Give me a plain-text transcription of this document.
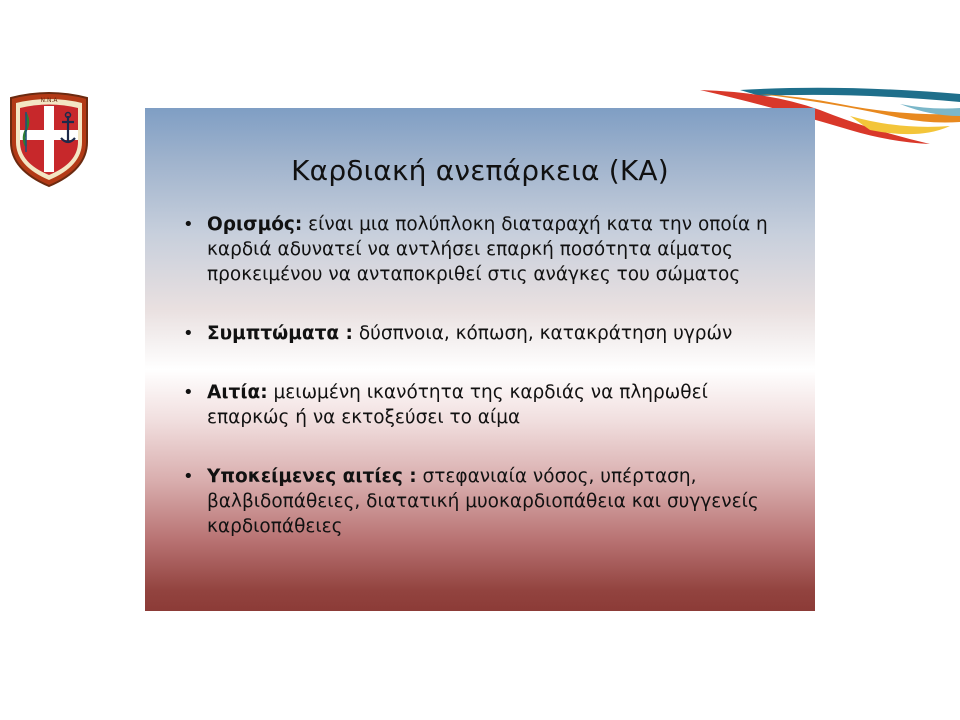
N.N.A
Καρδιακή ανεπάρκεια (ΚΑ)
• Ορισμός: είναι μια πολύπλοκη διαταραχή κατα την οποία η καρδιά αδυνατεί να αντλήσει επαρκή ποσότητα αίματος προκειμένου να ανταποκριθεί στις ανάγκες του σώματος
• Συμπτώματα : δύσπνοια, κόπωση, κατακράτηση υγρών
• Αιτία: μειωμένη ικανότητα της καρδιάς να πληρωθεί επαρκώς ή να εκτοξεύσει το αίμα
• Υποκείμενες αιτίες : στεφανιαία νόσος, υπέρταση, βαλβιδοπάθειες, διατατική μυοκαρδιοπάθεια και συγγενείς καρδιοπάθειες
